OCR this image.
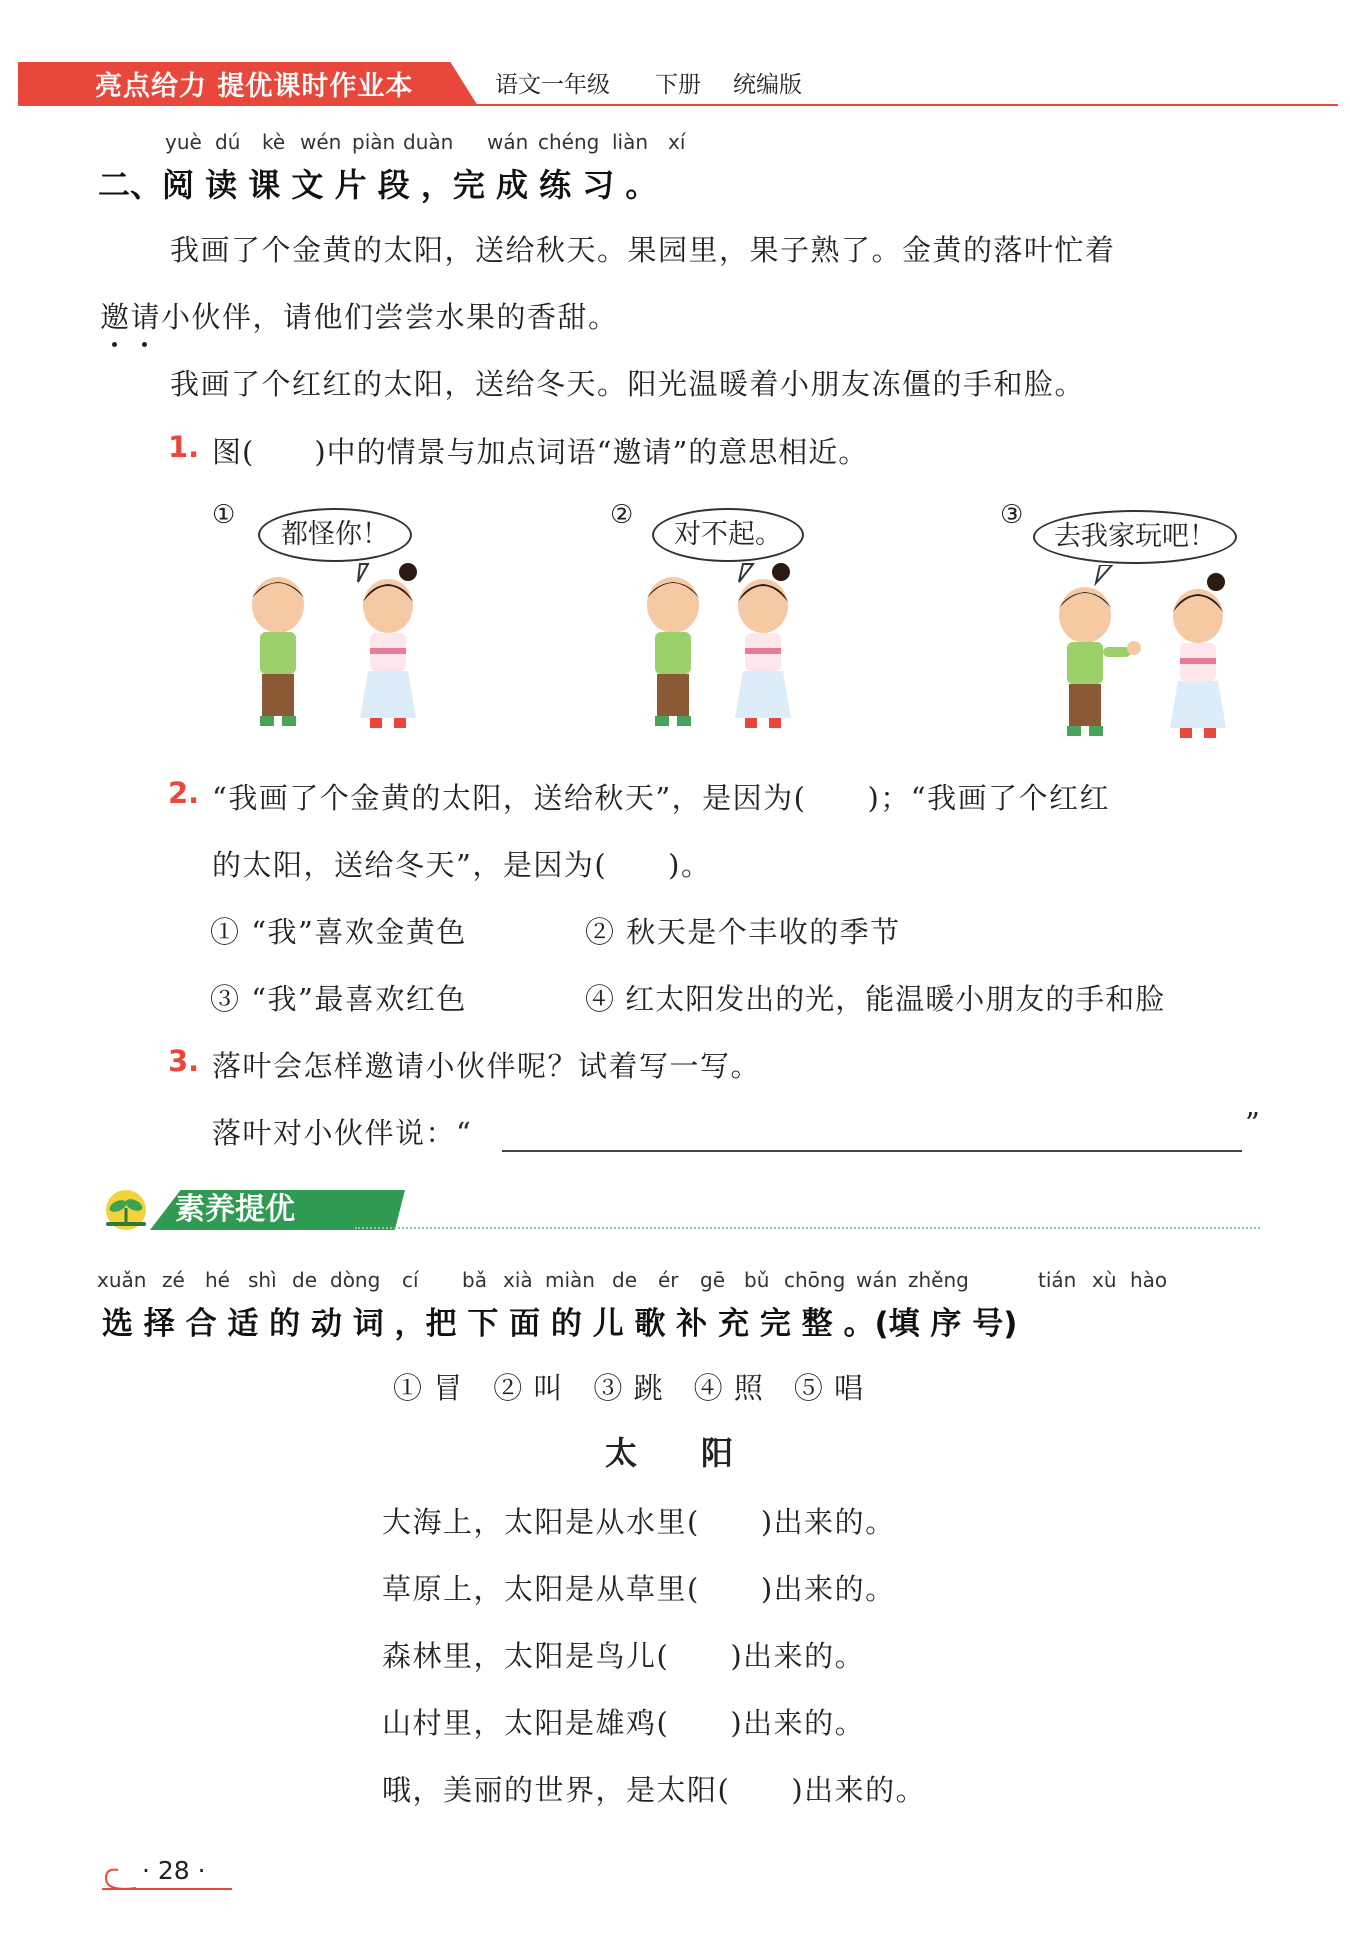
亮点给力 提优课时作业本	语文一年级 下册 统编版
yuè dú kè wén piàn duàn wán chéng liàn xí
二、阅 读 课 文 片 段 ，完 成 练 习 。
我画了个金黄的太阳，送给秋天。果园里，果子熟了。金黄的落叶忙着
邀请
小伙伴，请他们尝尝水果的香甜。
我画了个红红的太阳，送给冬天。阳光温暖着小朋友冻僵的手和脸。
1. 图(　　)中的情景与加点词语“邀请”的意思相近。
①
都怪你！
②
对不起。
③
去我家玩吧！
2. “我画了个金黄的太阳，送给秋天”，是因为(　　)；“我画了个红红
的太阳，送给冬天”，是因为(　　)。
① “我”喜欢金黄色	② 秋天是个丰收的季节
③ “我”最喜欢红色	④ 红太阳发出的光，能温暖小朋友的手和脸
3. 落叶会怎样邀请小伙伴呢？试着写一写。
落叶对小伙伴说：“	”
素养提优
xuǎn zé hé shì de dòng cí bǎ xià miàn de ér gē bǔ chōng wán zhěng	tián xù hào
选 择 合 适 的 动 词 ，把 下 面 的 儿 歌 补 充 完 整 。(填 序 号)
① 冒　② 叫　③ 跳　④ 照　⑤ 唱
太　　阳
大海上，太阳是从水里(　　)出来的。
草原上，太阳是从草里(　　)出来的。
森林里，太阳是鸟儿(　　)出来的。
山村里，太阳是雄鸡(　　)出来的。
哦，美丽的世界，是太阳(　　)出来的。
· 28 ·
